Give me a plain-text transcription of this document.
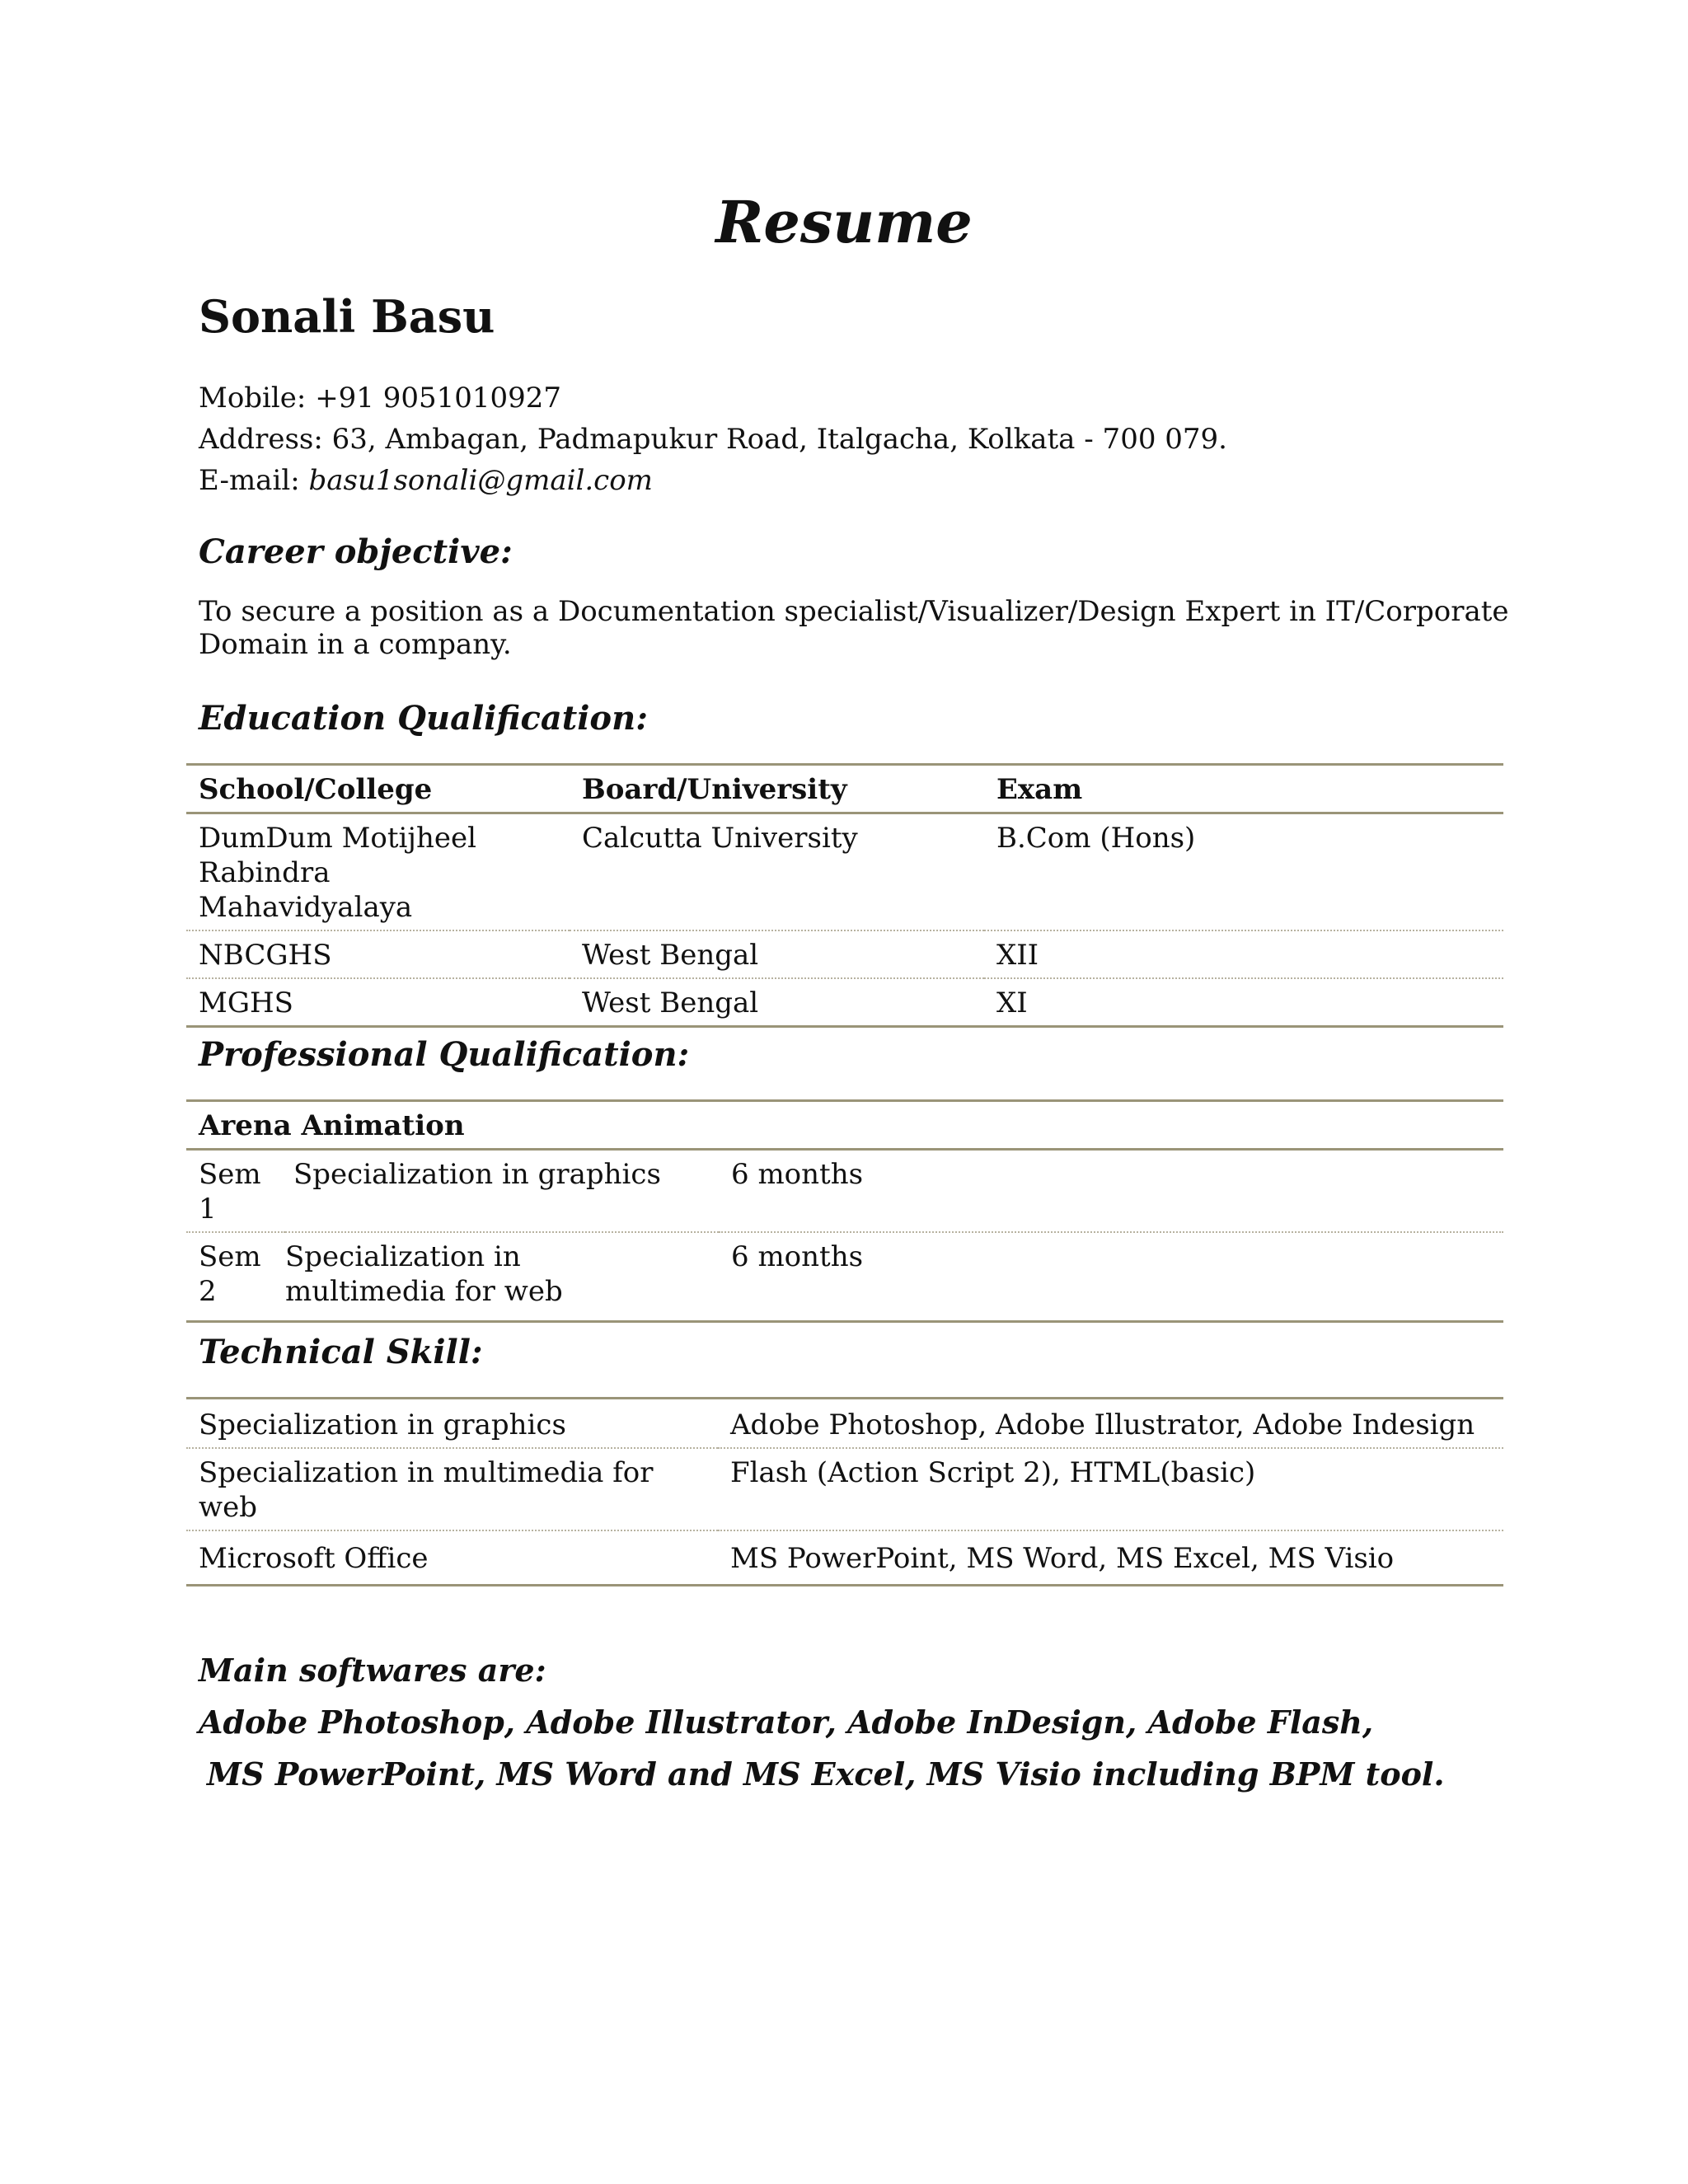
Resume
Sonali Basu
Mobile: +91 9051010927
Address: 63, Ambagan, Padmapukur Road, Italgacha, Kolkata - 700 079.
E-mail: basu1sonali@gmail.com
Career objective:
To secure a position as a Documentation specialist/Visualizer/Design Expert in IT/Corporate Domain in a company.
Education Qualification:
School/College	Board/University	Exam
DumDum Motijheel Rabindra Mahavidyalaya	Calcutta University	B.Com (Hons)
NBCGHS	West Bengal	XII
MGHS	West Bengal	XI
Professional Qualification:
Arena Animation		
Sem 1	Specialization in graphics	6 months
Sem 2	Specialization in multimedia for web	6 months
Technical Skill:
Specialization in graphics	Adobe Photoshop, Adobe Illustrator, Adobe Indesign
Specialization in multimedia for web	Flash (Action Script 2), HTML(basic)
Microsoft Office	MS PowerPoint, MS Word, MS Excel, MS Visio
Main softwares are:
Adobe Photoshop, Adobe Illustrator, Adobe InDesign, Adobe Flash,
MS PowerPoint, MS Word and MS Excel, MS Visio including BPM tool.
